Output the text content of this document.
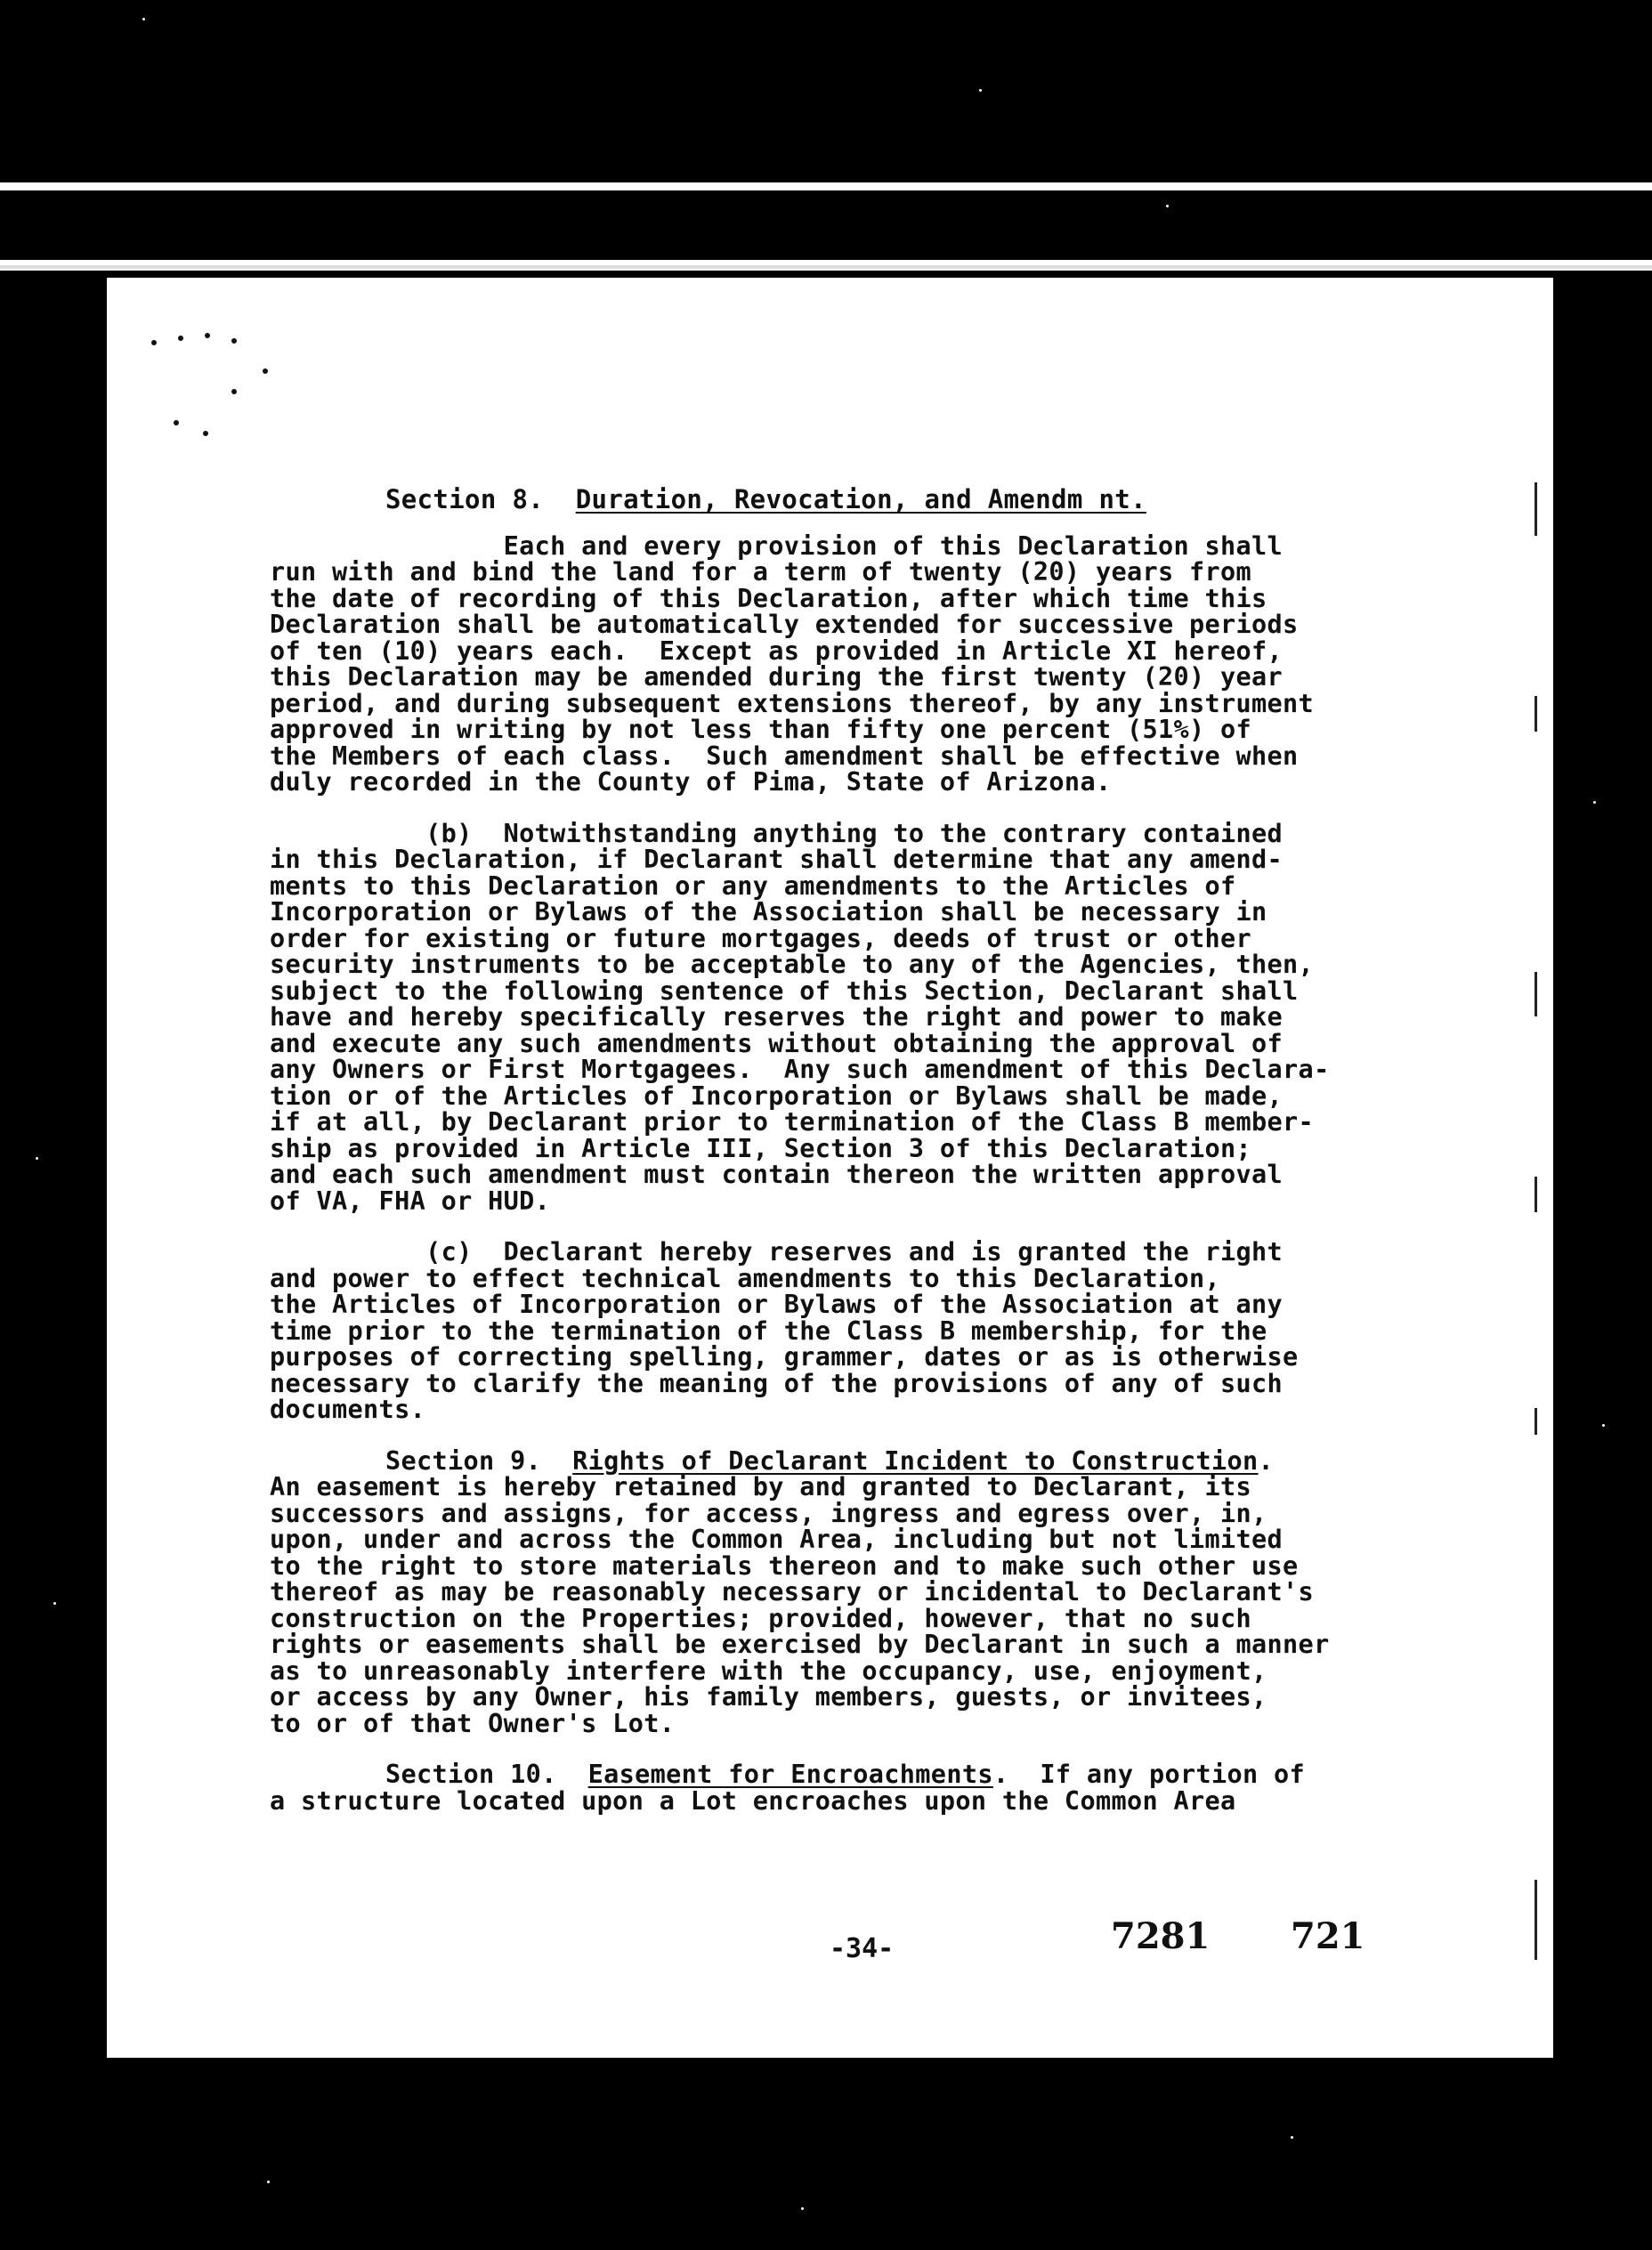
Section 8. Duration, Revocation, and Amendm nt.

Each and every provision of this Declaration shall
run with and bind the land for a term of twenty (20) years from
the date of recording of this Declaration, after which time this
Declaration shall be automatically extended for successive periods
of ten (10) years each.  Except as provided in Article XI hereof,
this Declaration may be amended during the first twenty (20) year
period, and during subsequent extensions thereof, by any instrument
approved in writing by not less than fifty one percent (51%) of
the Members of each class.  Such amendment shall be effective when
duly recorded in the County of Pima, State of Arizona.

(b)  Notwithstanding anything to the contrary contained
in this Declaration, if Declarant shall determine that any amend-
ments to this Declaration or any amendments to the Articles of
Incorporation or Bylaws of the Association shall be necessary in
order for existing or future mortgages, deeds of trust or other
security instruments to be acceptable to any of the Agencies, then,
subject to the following sentence of this Section, Declarant shall
have and hereby specifically reserves the right and power to make
and execute any such amendments without obtaining the approval of
any Owners or First Mortgagees.  Any such amendment of this Declara-
tion or of the Articles of Incorporation or Bylaws shall be made,
if at all, by Declarant prior to termination of the Class B member-
ship as provided in Article III, Section 3 of this Declaration;
and each such amendment must contain thereon the written approval
of VA, FHA or HUD.

(c)  Declarant hereby reserves and is granted the right
and power to effect technical amendments to this Declaration,
the Articles of Incorporation or Bylaws of the Association at any
time prior to the termination of the Class B membership, for the
purposes of correcting spelling, grammer, dates or as is otherwise
necessary to clarify the meaning of the provisions of any of such
documents.

Section 9. Rights of Declarant Incident to Construction.

An easement is hereby retained by and granted to Declarant, its
successors and assigns, for access, ingress and egress over, in,
upon, under and across the Common Area, including but not limited
to the right to store materials thereon and to make such other use
thereof as may be reasonably necessary or incidental to Declarant's
construction on the Properties; provided, however, that no such
rights or easements shall be exercised by Declarant in such a manner
as to unreasonably interfere with the occupancy, use, enjoyment,
or access by any Owner, his family members, guests, or invitees,
to or of that Owner's Lot.

Section 10. Easement for Encroachments.  If any portion of

a structure located upon a Lot encroaches upon the Common Area

-34-	7281 721
